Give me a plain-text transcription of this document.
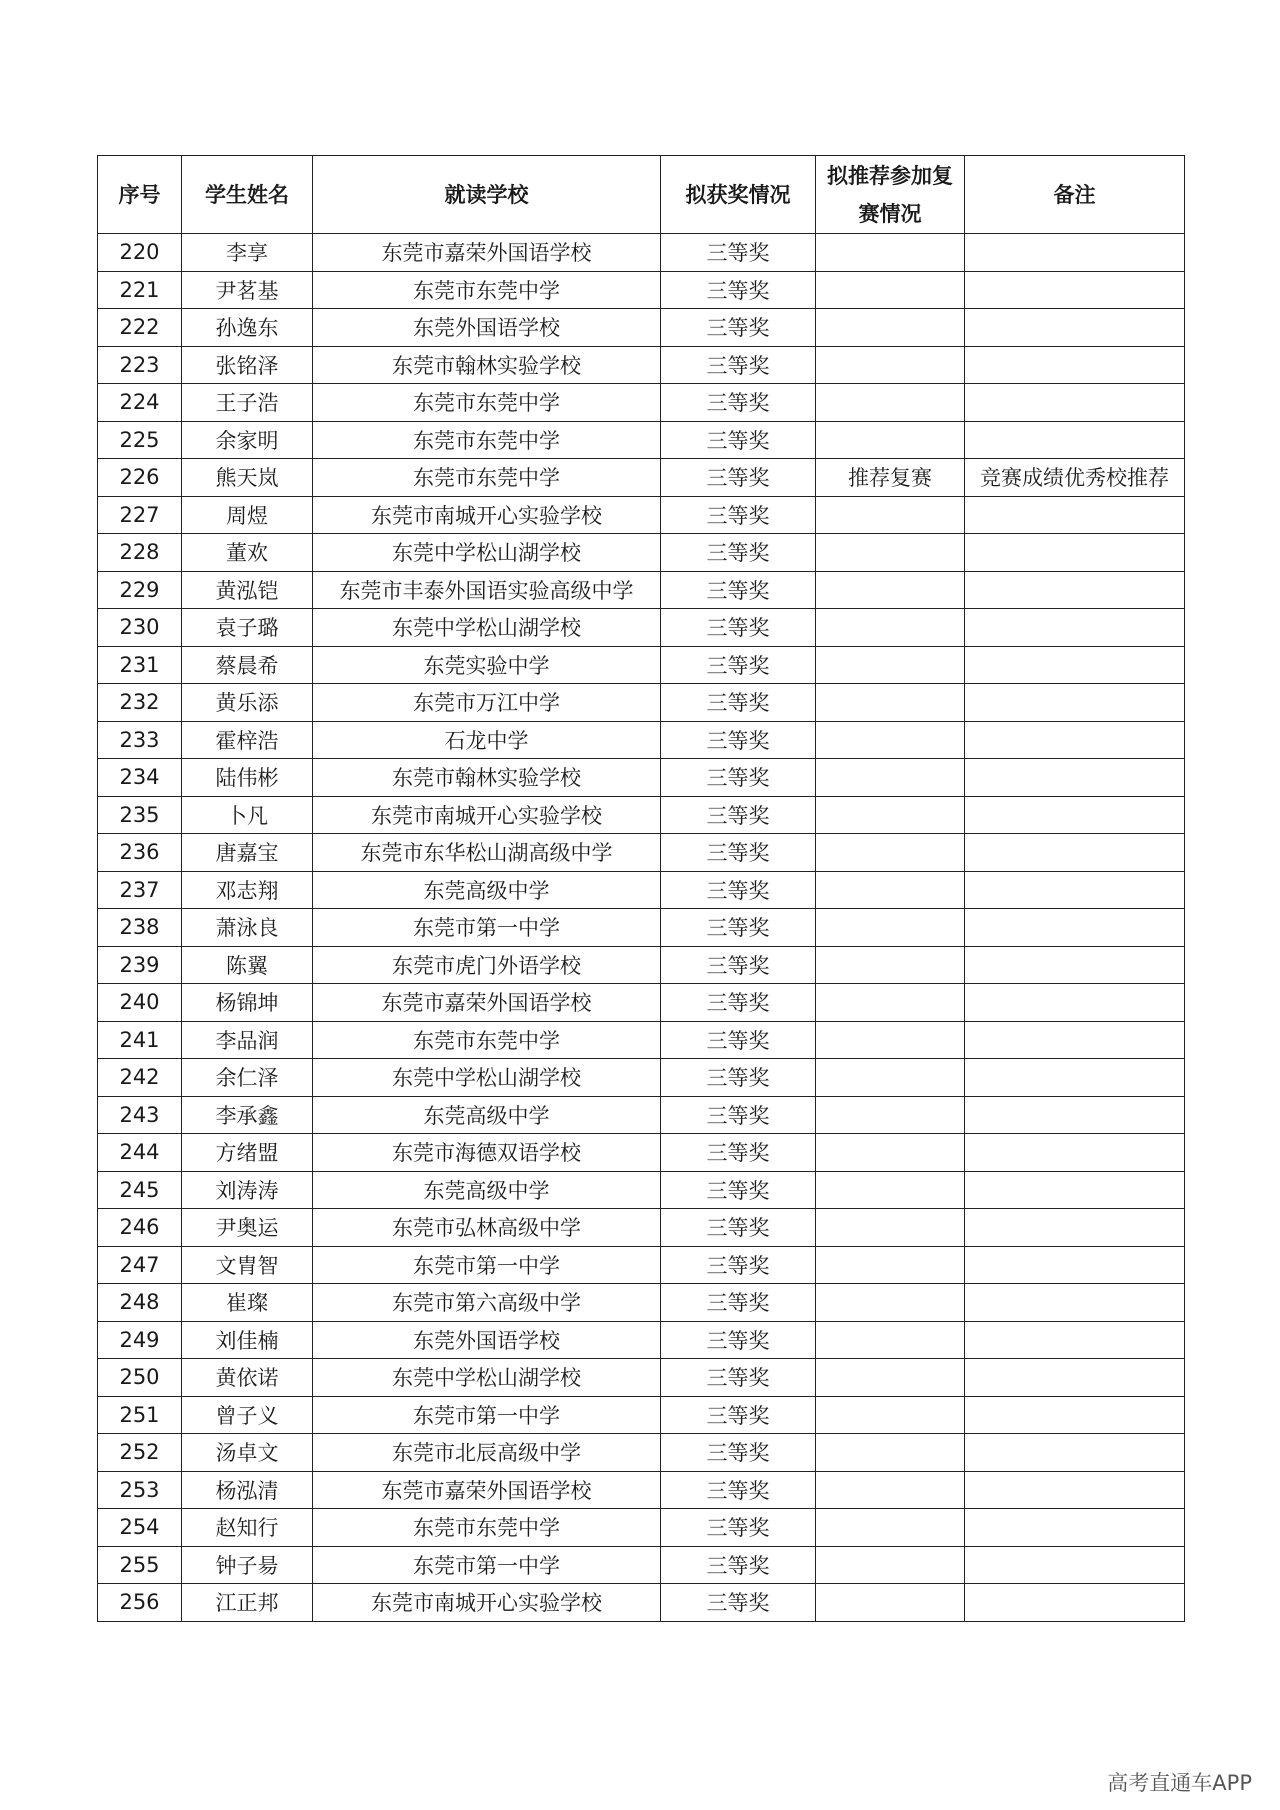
序号	学生姓名	就读学校	拟获奖情况	拟推荐参加复赛情况	备注
220	李享	东莞市嘉荣外国语学校	三等奖		
221	尹茗基	东莞市东莞中学	三等奖		
222	孙逸东	东莞外国语学校	三等奖		
223	张铭泽	东莞市翰林实验学校	三等奖		
224	王子浩	东莞市东莞中学	三等奖		
225	余家明	东莞市东莞中学	三等奖		
226	熊天岚	东莞市东莞中学	三等奖	推荐复赛	竞赛成绩优秀校推荐
227	周煜	东莞市南城开心实验学校	三等奖		
228	董欢	东莞中学松山湖学校	三等奖		
229	黄泓铠	东莞市丰泰外国语实验高级中学	三等奖		
230	袁子璐	东莞中学松山湖学校	三等奖		
231	蔡晨希	东莞实验中学	三等奖		
232	黄乐添	东莞市万江中学	三等奖		
233	霍梓浩	石龙中学	三等奖		
234	陆伟彬	东莞市翰林实验学校	三等奖		
235	卜凡	东莞市南城开心实验学校	三等奖		
236	唐嘉宝	东莞市东华松山湖高级中学	三等奖		
237	邓志翔	东莞高级中学	三等奖		
238	萧泳良	东莞市第一中学	三等奖		
239	陈翼	东莞市虎门外语学校	三等奖		
240	杨锦坤	东莞市嘉荣外国语学校	三等奖		
241	李品润	东莞市东莞中学	三等奖		
242	余仁泽	东莞中学松山湖学校	三等奖		
243	李承鑫	东莞高级中学	三等奖		
244	方绪盟	东莞市海德双语学校	三等奖		
245	刘涛涛	东莞高级中学	三等奖		
246	尹奥运	东莞市弘林高级中学	三等奖		
247	文胄智	东莞市第一中学	三等奖		
248	崔璨	东莞市第六高级中学	三等奖		
249	刘佳楠	东莞外国语学校	三等奖		
250	黄依诺	东莞中学松山湖学校	三等奖		
251	曾子义	东莞市第一中学	三等奖		
252	汤卓文	东莞市北辰高级中学	三等奖		
253	杨泓清	东莞市嘉荣外国语学校	三等奖		
254	赵知行	东莞市东莞中学	三等奖		
255	钟子昜	东莞市第一中学	三等奖		
256	江正邦	东莞市南城开心实验学校	三等奖		
高考直通车APP
